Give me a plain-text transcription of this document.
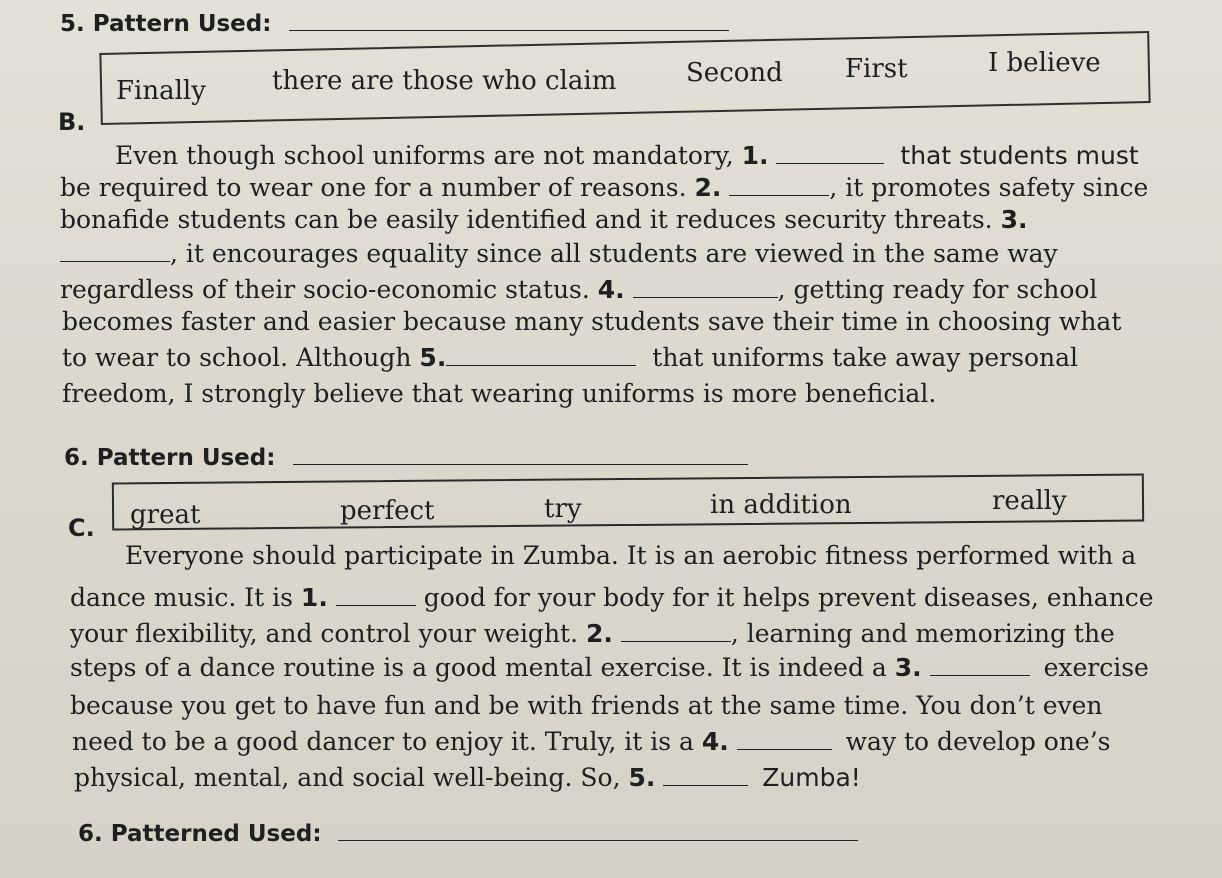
5. Pattern Used:
Finally	there are those who claim	Second First	I believe
B.
Even though school uniforms are not mandatory, 1.	that students must
be required to wear one for a number of reasons. 2.	, it promotes safety since
bonafide students can be easily identified and it reduces security threats. 3.
, it encourages equality since all students are viewed in the same way
regardless of their socio-economic status. 4.	, getting ready for school
becomes faster and easier because many students save their time in choosing what
to wear to school. Although 5.	that uniforms take away personal
freedom, I strongly believe that wearing uniforms is more beneficial.
6. Pattern Used:
great	perfect	try	in addition	really
C.
Everyone should participate in Zumba. It is an aerobic fitness performed with a
dance music. It is 1.	good for your body for it helps prevent diseases, enhance
your flexibility, and control your weight. 2.	, learning and memorizing the
steps of a dance routine is a good mental exercise. It is indeed a 3.	exercise
because you get to have fun and be with friends at the same time. You don’t even
need to be a good dancer to enjoy it. Truly, it is a 4.	way to develop one’s
physical, mental, and social well-being. So, 5.	Zumba!
6. Patterned Used:
